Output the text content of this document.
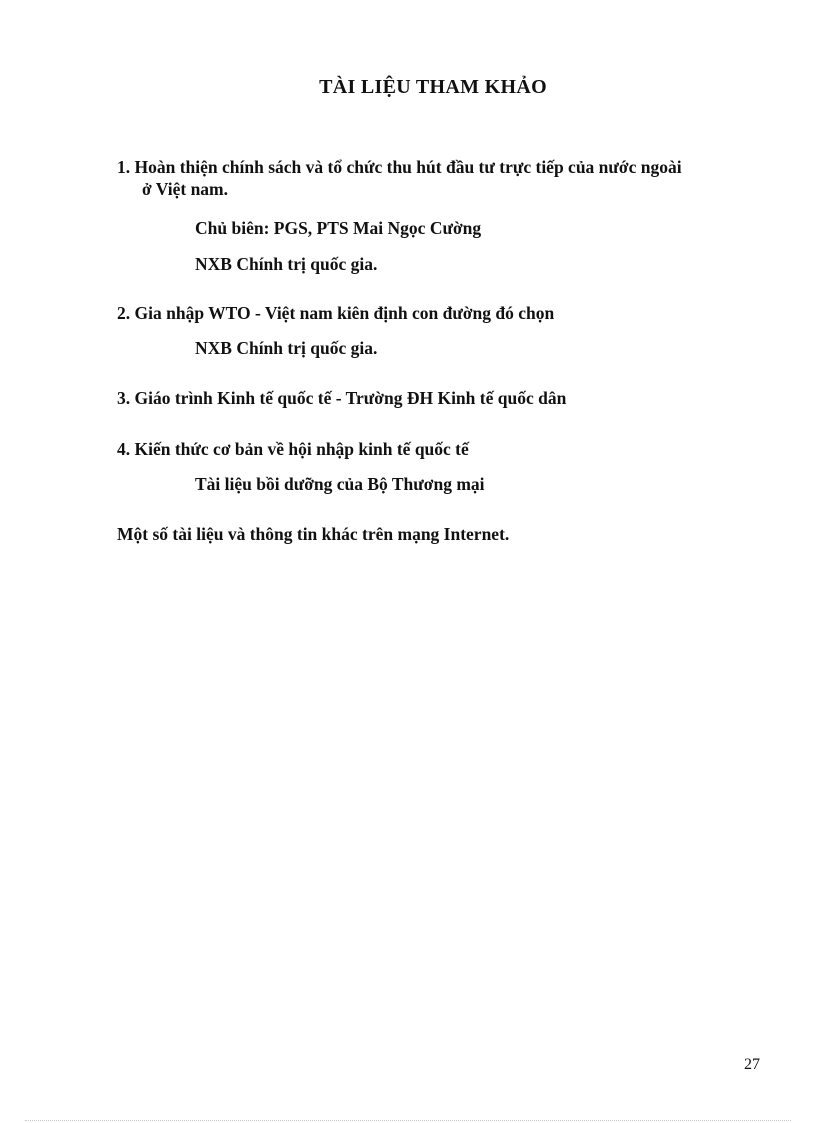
TÀI LIỆU THAM KHẢO
1. Hoàn thiện chính sách và tổ chức thu hút đầu tư trực tiếp của nước ngoài
ở Việt nam.
Chủ biên: PGS, PTS Mai Ngọc Cường
NXB Chính trị quốc gia.
2. Gia nhập WTO - Việt nam kiên định con đường đó chọn
NXB Chính trị quốc gia.
3. Giáo trình Kinh tế quốc tế - Trường ĐH Kinh tế quốc dân
4. Kiến thức cơ bản về hội nhập kinh tế quốc tế
Tài liệu bồi dưỡng của Bộ Thương mại
Một số tài liệu và thông tin khác trên mạng Internet.
27
